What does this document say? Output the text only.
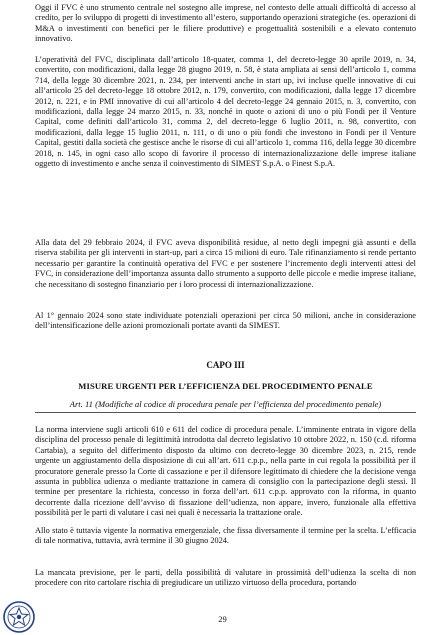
Oggi il FVC è uno strumento centrale nel sostegno alle imprese, nel contesto delle attuali difficoltà di accesso al credito, per lo sviluppo di progetti di investimento all’estero, supportando operazioni strategiche (es. operazioni di M&A o investimenti con benefici per le filiere produttive) e progettualità sostenibili e a elevato contenuto innovativo.
L’operatività del FVC, disciplinata dall’articolo 18-quater, comma 1, del decreto-legge 30 aprile 2019, n. 34, convertito, con modificazioni, dalla legge 28 giugno 2019, n. 58, è stata ampliata ai sensi dell’articolo 1, comma 714, della legge 30 dicembre 2021, n. 234, per interventi anche in start up, ivi incluse quelle innovative di cui all’articolo 25 del decreto-legge 18 ottobre 2012, n. 179, convertito, con modificazioni, dalla legge 17 dicembre 2012, n. 221, e in PMI innovative di cui all’articolo 4 del decreto-legge 24 gennaio 2015, n. 3, convertito, con modificazioni, dalla legge 24 marzo 2015, n. 33, nonché in quote o azioni di uno o più Fondi per il Venture Capital, come definiti dall’articolo 31, comma 2, del decreto-legge 6 luglio 2011, n. 98, convertito, con modificazioni, dalla legge 15 luglio 2011, n. 111, o di uno o più fondi che investono in Fondi per il Venture Capital, gestiti dalla società che gestisce anche le risorse di cui all’articolo 1, comma 116, della legge 30 dicembre 2018, n. 145, in ogni caso allo scopo di favorire il processo di internazionalizzazione delle imprese italiane oggetto di investimento e anche senza il coinvestimento di SIMEST S.p.A. o Finest S.p.A.
Alla data del 29 febbraio 2024, il FVC aveva disponibilità residue, al netto degli impegni già assunti e della riserva stabilita per gli interventi in start-up, pari a circa 15 milioni di euro. Tale rifinanziamento si rende pertanto necessario per garantire la continuità operativa del FVC e per sostenere l’incremento degli interventi attesi del FVC, in considerazione dell’importanza assunta dallo strumento a supporto delle piccole e medie imprese italiane, che necessitano di sostegno finanziario per i loro processi di internazionalizzazione.
Al 1° gennaio 2024 sono state individuate potenziali operazioni per circa 50 milioni, anche in considerazione dell’intensificazione delle azioni promozionali portate avanti da SIMEST.
CAPO III
MISURE URGENTI PER L’EFFICIENZA DEL PROCEDIMENTO PENALE
Art. 11 (Modifiche al codice di procedura penale per l’efficienza del procedimento penale)
La norma interviene sugli articoli 610 e 611 del codice di procedura penale. L’imminente entrata in vigore della disciplina del processo penale di legittimità introdotta dal decreto legislativo 10 ottobre 2022, n. 150 (c.d. riforma Cartabia), a seguito del differimento disposto da ultimo con decreto-legge 30 dicembre 2023, n. 215, rende urgente un aggiustamento della disposizione di cui all’art. 611 c.p.p., nella parte in cui regola la possibilità per il procuratore generale presso la Corte di cassazione e per il difensore legittimato di chiedere che la decisione venga assunta in pubblica udienza o mediante trattazione in camera di consiglio con la partecipazione degli stessi. Il termine per presentare la richiesta, concesso in forza dell’art. 611 c.p.p. approvato con la riforma, in quanto decorrente dalla ricezione dell’avviso di fissazione dell’udienza, non appare, invero, funzionale alla effettiva possibilità per le parti di valutare i casi nei quali è necessaria la trattazione orale.
Allo stato è tuttavia vigente la normativa emergenziale, che fissa diversamente il termine per la scelta. L’efficacia di tale normativa, tuttavia, avrà termine il 30 giugno 2024.
La mancata previsione, per le parti, della possibilità di valutare in prossimità dell’udienza la scelta di non procedere con rito cartolare rischia di pregiudicare un utilizzo virtuoso della procedura, portando
29
